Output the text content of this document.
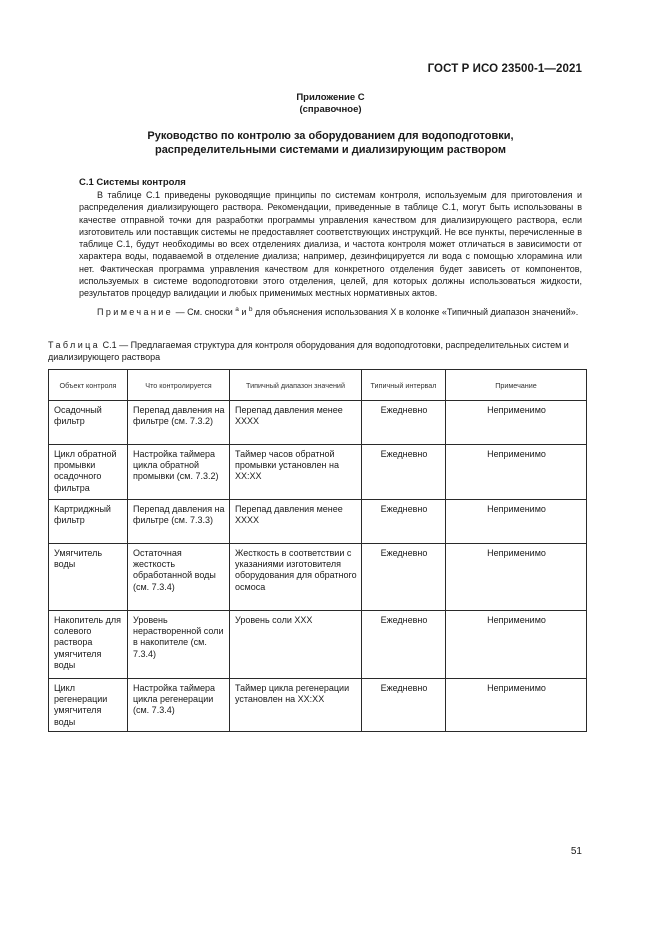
ГОСТ Р ИСО 23500-1—2021
Приложение С
(справочное)
Руководство по контролю за оборудованием для водоподготовки,
распределительными системами и диализирующим раствором
С.1 Системы контроля

В таблице С.1 приведены руководящие принципы по системам контроля, используемым для приготовления и распределения диализирующего раствора. Рекомендации, приведенные в таблице С.1, могут быть использованы в качестве отправной точки для разработки программы управления качеством для диализирующего раствора, если изготовитель или поставщик системы не предоставляет соответствующих инструкций. Не все пункты, перечисленные в таблице С.1, будут необходимы во всех отделениях диализа, и частота контроля может отличаться в зависимости от характера воды, подаваемой в отделение диализа; например, дезинфицируется ли вода с помощью хлорамина или нет. Фактическая программа управления качеством для конкретного отделения будет зависеть от компонентов, используемых в системе водоподготовки этого отделения, целей, для которых должны использоваться жидкости, результатов процедур валидации и любых применимых местных нормативных актов.

Примечание — См. сноски $^a$ и $^b$ для объяснения использования X в колонке «Типичный диапазон значений».

Таблица С.1 — Предлагаемая структура для контроля оборудования для водоподготовки, распределительных систем и диализирующего раствора

Объект контроля	Что контролируется	Типичный диапазон значений	Типичный интервал	Примечание
Осадочный фильтр	Перепад давления на фильтре (см. 7.3.2)	Перепад давления менее XXXX	Ежедневно	Неприменимо
Цикл обратной промывки осадочного фильтра	Настройка таймера цикла обратной промывки (см. 7.3.2)	Таймер часов обратной промывки установлен на XX:XX	Ежедневно	Неприменимо
Картриджный фильтр	Перепад давления на фильтре (см. 7.3.3)	Перепад давления менее XXXX	Ежедневно	Неприменимо
Умягчитель воды	Остаточная жесткость обработанной воды (см. 7.3.4)	Жесткость в соответствии с указаниями изготовителя оборудования для обратного осмоса	Ежедневно	Неприменимо
Накопитель для солевого раствора умягчителя воды	Уровень нерастворенной соли в накопителе (см. 7.3.4)	Уровень соли XXX	Ежедневно	Неприменимо
Цикл регенерации умягчителя воды	Настройка таймера цикла регенерации (см. 7.3.4)	Таймер цикла регенерации установлен на XX:XX	Ежедневно	Неприменимо
51
